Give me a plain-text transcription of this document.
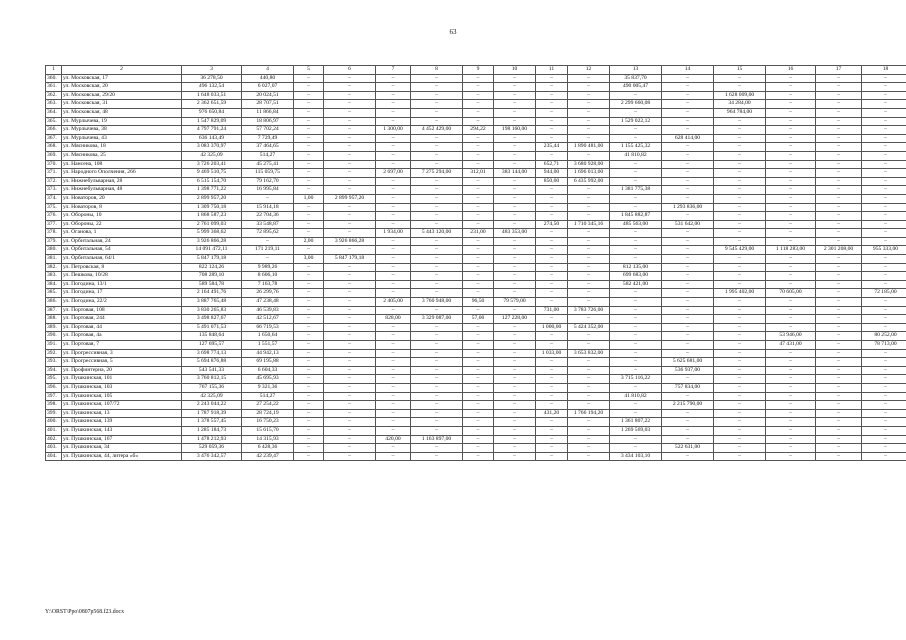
63
1	2	3	4	5	6	7	8	9	10	11	12	13	14	15	16	17	18
360.	ул. Московская, 17	36 278,50	440,80	–	–	–	–	–	–	–	–	35 837,70	–	–	–	–	–
361.	ул. Московская, 20	496 132,54	6 027,07	–	–	–	–	–	–	–	–	490 005,47	–	–	–	–	–
362.	ул. Московская, 29/20	1 648 033,51	20 024,51	–	–	–	–	–	–	–	–	–	–	1 628 009,00	–	–	–
363.	ул. Московская, 31	2 362 651,59	28 707,51	–	–	–	–	–	–	–	–	2 299 660,08	–	34 284,00	–	–	–
364.	ул. Московская, 48	976 650,84	11 866,84	–	–	–	–	–	–	–	–	–	–	964 784,00	–	–	–
365.	ул. Мурлычева, 19	1 547 829,09	18 806,97	–	–	–	–	–	–	–	–	1 529 022,12	–	–	–	–	–
366.	ул. Мурлычева, 38	4 797 791,24	57 702,24	–	–	1 300,00	4 452 429,00	294,22	198 160,00	–	–	–	–	–	–	–	–
367.	ул. Мурлычева, 43	636 143,49	7 729,49	–	–	–	–	–	–	–	–	–	628 414,00	–	–	–	–
368.	ул. Мясникова, 18	3 083 370,97	37 464,65	–	–	–	–	–	–	235,44	1 890 481,00	1 155 425,32	–	–	–	–	–
369.	ул. Мясникова, 25	42 325,09	514,27	–	–	–	–	–	–	–	–	41 810,82	–	–	–	–	–
370.	ул. Нансена, 108	3 726 203,41	45 275,41	–	–	–	–	–	–	652,71	3 680 928,00	–	–	–	–	–	–
371.	ул. Народного Ополчения, 266	9 469 510,75	115 059,75	–	–	2 697,00	7 275 294,00	312,01	383 144,00	944,00	1 696 013,00	–	–	–	–	–	–
372.	ул. Нижнебульварная, 28	6 515 154,70	79 162,70	–	–	–	–	–	–	850,00	6 435 992,00	–	–	–	–	–	–
373.	ул. Нижнебульварная, 48	1 398 771,22	16 995,84	–	–	–	–	–	–	–	–	1 381 775,38	–	–	–	–	–
374.	ул. Новаторов, 20	2 899 957,20	–	1,00	2 899 957,20	–	–	–	–	–	–	–	–	–	–	–	–
375.	ул. Новаторов, 8	1 309 750,18	15 914,18	–	–	–	–	–	–	–	–	–	1 293 836,00	–	–	–	–
376.	ул. Обороны, 10	1 868 587,23	22 704,36	–	–	–	–	–	–	–	–	1 845 882,87	–	–	–	–	–
377.	ул. Обороны, 22	2 761 099,03	33 548,87	–	–	–	–	–	–	274,50	1 710 345,16	485 563,00	531 642,00	–	–	–	–
378.	ул. Оганова, 1	5 999 368,62	72 895,62	–	–	1 934,00	5 443 120,00	231,00	483 353,00	–	–	–	–	–	–	–	–
379.	ул. Орбитальная, 24	3 926 866,28	–	2,00	3 926 866,28	–	–	–	–	–	–	–	–	–	–	–	–
380.	ул. Орбитальная, 54	14 091 472,11	171 219,11	–	–	–	–	–	–	–	–	–	–	9 545 429,00	1 118 283,00	2 301 208,00	955 333,00
381.	ул. Орбитальная, 64/1	5 847 179,18	–	3,00	5 847 179,18	–	–	–	–	–	–	–	–	–	–	–	–
382.	ул. Петровская, 8	822 124,26	9 989,26	–	–	–	–	–	–	–	–	812 135,00	–	–	–	–	–
383.	ул. Пешкова, 10/28	708 289,10	8 606,10	–	–	–	–	–	–	–	–	699 683,00	–	–	–	–	–
384.	ул. Погодина, 13/1	589 584,78	7 163,78	–	–	–	–	–	–	–	–	582 421,00	–	–	–	–	–
385.	ул. Погодина, 17	2 164 491,76	26 299,76	–	–	–	–	–	–	–	–	–	–	1 995 402,00	70 605,00	–	72 185,00
386.	ул. Погодина, 22/2	3 887 765,48	47 238,48	–	–	2 405,00	3 760 948,00	96,50	79 579,00	–	–	–	–	–	–	–	–
387.	ул. Портовая, 108	3 830 265,83	46 539,83	–	–	–	–	–	–	731,00	3 783 726,00	–	–	–	–	–	–
388.	ул. Портовая, 244	3 498 827,67	42 512,67	–	–	828,00	3 329 087,00	57,00	127 228,00	–	–	–	–	–	–	–	–
389.	ул. Портовая, 44	5 491 071,53	66 719,53	–	–	–	–	–	–	1 000,00	5 424 352,00	–	–	–	–	–	–
390.	ул. Портовая, 4а	135 848,64	1 650,64	–	–	–	–	–	–	–	–	–	–	–	53 946,00	–	80 252,00
391.	ул. Портовая, 7	127 695,57	1 551,57	–	–	–	–	–	–	–	–	–	–	–	47 431,00	–	78 713,00
392.	ул. Прогрессивная, 3	3 698 774,13	44 942,13	–	–	–	–	–	–	1 033,00	3 653 832,00	–	–	–	–	–	–
393.	ул. Прогрессивная, 5	5 694 876,88	69 195,88	–	–	–	–	–	–	–	–	–	5 625 681,00	–	–	–	–
394.	ул. Профинтерна, 20	543 541,33	6 604,33	–	–	–	–	–	–	–	–	–	536 937,00	–	–	–	–
395.	ул. Пушкинская, 101	3 760 812,15	45 695,93	–	–	–	–	–	–	–	–	3 715 116,22	–	–	–	–	–
396.	ул. Пушкинская, 103	767 155,36	9 321,36	–	–	–	–	–	–	–	–	–	757 834,00	–	–	–	–
397.	ул. Пушкинская, 105	42 325,09	514,27	–	–	–	–	–	–	–	–	41 810,82	–	–	–	–	–
398.	ул. Пушкинская, 107/72	2 243 044,22	27 254,22	–	–	–	–	–	–	–	–	–	2 215 790,00	–	–	–	–
399.	ул. Пушкинская, 13	1 787 918,39	28 724,19	–	–	–	–	–	–	431,20	1 766 194,20	–	–	–	–	–	–
400.	ул. Пушкинская, 139	1 378 557,45	16 750,23	–	–	–	–	–	–	–	–	1 361 807,22	–	–	–	–	–
401.	ул. Пушкинская, 143	1 285 184,73	15 615,70	–	–	–	–	–	–	–	–	1 269 569,03	–	–	–	–	–
402.	ул. Пушкинская, 167	1 478 212,93	14 315,93	–	–	420,00	1 163 897,00	–	–	–	–	–	–	–	–	–	–
403.	ул. Пушкинская, 34	529 059,36	6 428,36	–	–	–	–	–	–	–	–	–	522 631,00	–	–	–	–
404.	ул. Пушкинская, 44, литера «б»	3 476 342,57	42 239,47	–	–	–	–	–	–	–	–	3 434 103,10	–	–	–	–	–
Y:\ORST\Ppo\0807p568.f23.docx
